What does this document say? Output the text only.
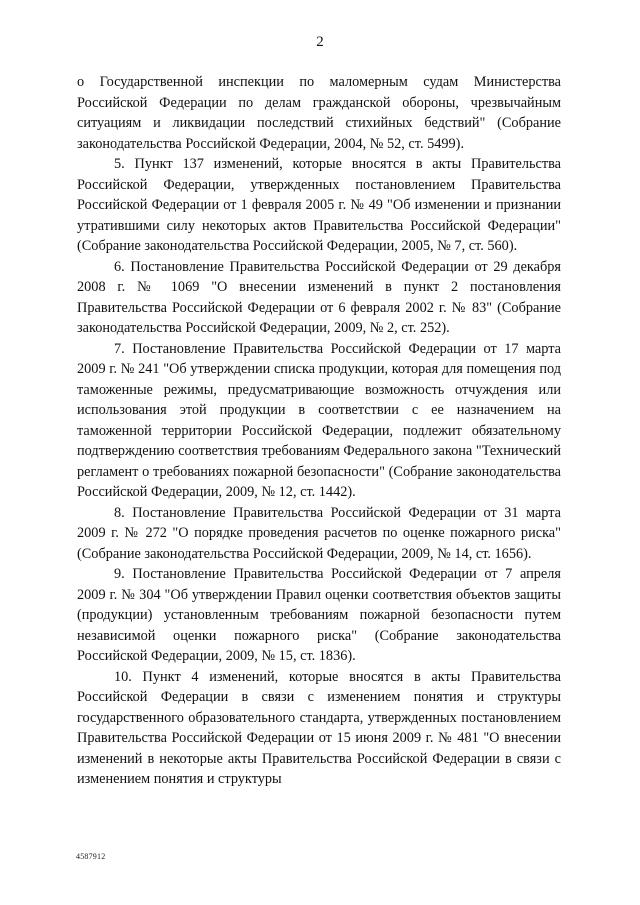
2

о Государственной инспекции по маломерным судам Министерства Российской Федерации по делам гражданской обороны, чрезвычайным ситуациям и ликвидации последствий стихийных бедствий" (Собрание законодательства Российской Федерации, 2004, № 52, ст. 5499).

5. Пункт 137 изменений, которые вносятся в акты Правительства Российской Федерации, утвержденных постановлением Правительства Российской Федерации от 1 февраля 2005 г. № 49 "Об изменении и признании утратившими силу некоторых актов Правительства Российской Федерации" (Собрание законодательства Российской Федерации, 2005, № 7, ст. 560).

6. Постановление Правительства Российской Федерации от 29 декабря 2008 г. № 1069 "О внесении изменений в пункт 2 постановления Правительства Российской Федерации от 6 февраля 2002 г. № 83" (Собрание законодательства Российской Федерации, 2009, № 2, ст. 252).

7. Постановление Правительства Российской Федерации от 17 марта 2009 г. № 241 "Об утверждении списка продукции, которая для помещения под таможенные режимы, предусматривающие возможность отчуждения или использования этой продукции в соответствии с ее назначением на таможенной территории Российской Федерации, подлежит обязательному подтверждению соответствия требованиям Федерального закона "Технический регламент о требованиях пожарной безопасности" (Собрание законодательства Российской Федерации, 2009, № 12, ст. 1442).

8. Постановление Правительства Российской Федерации от 31 марта 2009 г. № 272 "О порядке проведения расчетов по оценке пожарного риска" (Собрание законодательства Российской Федерации, 2009, № 14, ст. 1656).

9. Постановление Правительства Российской Федерации от 7 апреля 2009 г. № 304 "Об утверждении Правил оценки соответствия объектов защиты (продукции) установленным требованиям пожарной безопасности путем независимой оценки пожарного риска" (Собрание законодательства Российской Федерации, 2009, № 15, ст. 1836).

10. Пункт 4 изменений, которые вносятся в акты Правительства Российской Федерации в связи с изменением понятия и структуры государственного образовательного стандарта, утвержденных постановлением Правительства Российской Федерации от 15 июня 2009 г. № 481 "О внесении изменений в некоторые акты Правительства Российской Федерации в связи с изменением понятия и структуры

4587912
